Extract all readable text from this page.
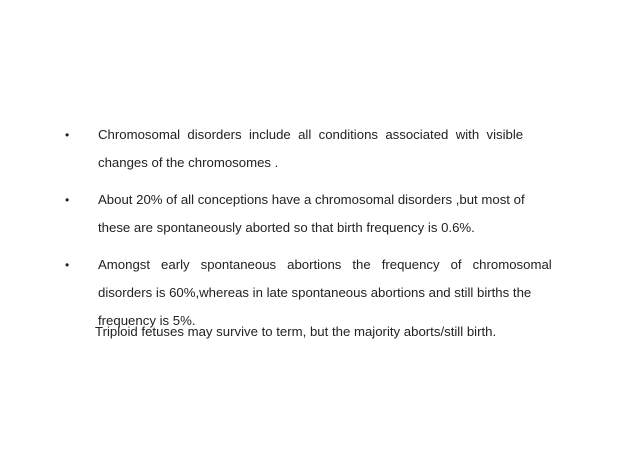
• Chromosomal  disorders  include  all  conditions  associated  with  visible
changes of the chromosomes .

• About 20% of all conceptions have a chromosomal disorders ,but most of
these are spontaneously aborted so that birth frequency is 0.6%.

• Amongst   early   spontaneous   abortions   the   frequency   of   chromosomal
disorders is 60%,whereas in late spontaneous abortions and still births the
frequency is 5%.

Triploid fetuses may survive to term, but the majority aborts/still birth.
